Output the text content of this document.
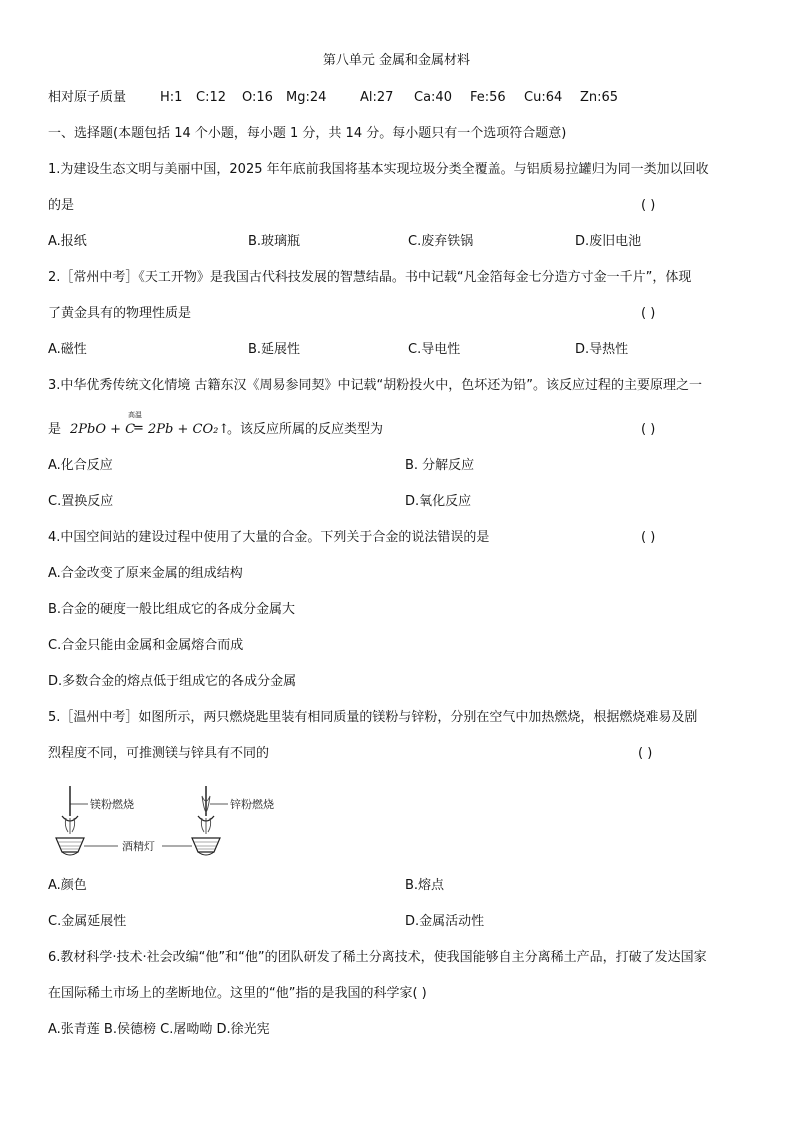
第八单元 金属和金属材料
相对原子质量	H:1 C:12 O:16 Mg:24	Al:27 Ca:40 Fe:56 Cu:64 Zn:65
一、选择题(本题包括 14 个小题，每小题 1 分，共 14 分。每小题只有一个选项符合题意)
1.为建设生态文明与美丽中国，2025 年年底前我国将基本实现垃圾分类全覆盖。与铝质易拉罐归为同一类加以回收
的是	( )
A.报纸	B.玻璃瓶	C.废弃铁锅	D.废旧电池
2.［常州中考］《天工开物》是我国古代科技发展的智慧结晶。书中记载“凡金箔每金七分造方寸金一千片”，体现
了黄金具有的物理性质是	( )
A.磁性	B.延展性	C.导电性	D.导热性
3.中华优秀传统文化情境 古籍东汉《周易参同契》中记载“胡粉投火中，色坏还为铅”。该反应过程的主要原理之一
是 2PbO + C
高温
= 2Pb + CO₂↑
。该反应所属的反应类型为	( )
A.化合反应	B. 分解反应
C.置换反应	D.氧化反应
4.中国空间站的建设过程中使用了大量的合金。下列关于合金的说法错误的是	( )
A.合金改变了原来金属的组成结构
B.合金的硬度一般比组成它的各成分金属大
C.合金只能由金属和金属熔合而成
D.多数合金的熔点低于组成它的各成分金属
5.［温州中考］如图所示，两只燃烧匙里装有相同质量的镁粉与锌粉，分别在空气中加热燃烧，根据燃烧难易及剧
烈程度不同，可推测镁与锌具有不同的	( )
镁粉燃烧	锌粉燃烧
酒精灯
A.颜色	B.熔点
C.金属延展性	D.金属活动性
6.教材科学·技术·社会改编“他”和“他”的团队研发了稀土分离技术，使我国能够自主分离稀土产品，打破了发达国家
在国际稀土市场上的垄断地位。这里的“他”指的是我国的科学家( )
A.张青莲 B.侯德榜 C.屠呦呦 D.徐光宪
